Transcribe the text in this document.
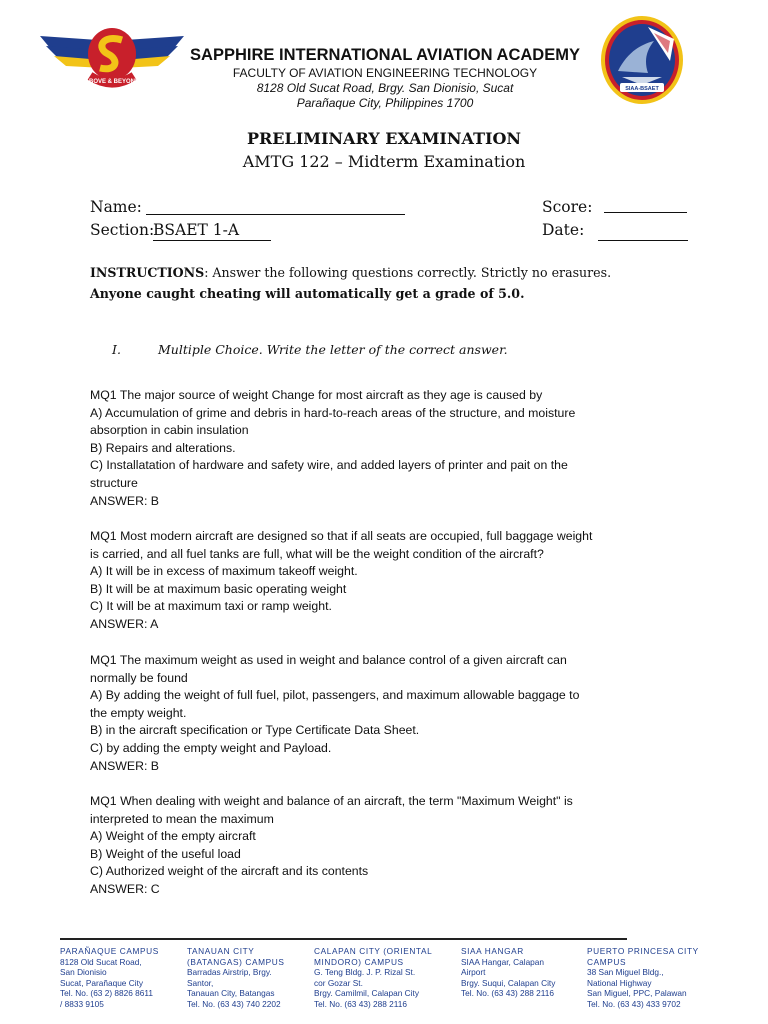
ABOVE & BEYOND
SIAA-BSAET
SAPPHIRE INTERNATIONAL AVIATION ACADEMY
FACULTY OF AVIATION ENGINEERING TECHNOLOGY
8128 Old Sucat Road, Brgy. San Dionisio, Sucat
Parañaque City, Philippines 1700
PRELIMINARY EXAMINATION
AMTG 122 – Midterm Examination
Name:
Section:
BSAET 1-A
Score:
Date:
INSTRUCTIONS: Answer the following questions correctly. Strictly no erasures.
Anyone caught cheating will automatically get a grade of 5.0.
I.	Multiple Choice. Write the letter of the correct answer.
MQ1 The major source of weight Change for most aircraft as they age is caused by
A) Accumulation of grime and debris in hard-to-reach areas of the structure, and moisture
absorption in cabin insulation
B) Repairs and alterations.
C) Installatation of hardware and safety wire, and added layers of printer and pait on the
structure
ANSWER: B
MQ1 Most modern aircraft are designed so that if all seats are occupied, full baggage weight
is carried, and all fuel tanks are full, what will be the weight condition of the aircraft?
A) It will be in excess of maximum takeoff weight.
B) It will be at maximum basic operating weight
C) It will be at maximum taxi or ramp weight.
ANSWER: A
MQ1 The maximum weight as used in weight and balance control of a given aircraft can
normally be found
A) By adding the weight of full fuel, pilot, passengers, and maximum allowable baggage to
the empty weight.
B) in the aircraft specification or Type Certificate Data Sheet.
C) by adding the empty weight and Payload.
ANSWER: B
MQ1 When dealing with weight and balance of an aircraft, the term "Maximum Weight" is
interpreted to mean the maximum
A) Weight of the empty aircraft
B) Weight of the useful load
C) Authorized weight of the aircraft and its contents
ANSWER: C
PARAÑAQUE CAMPUS
8128 Old Sucat Road,
San Dionisio
Sucat, Parañaque City
Tel. No. (63 2) 8826 8611
/ 8833 9105
TANAUAN CITY
(BATANGAS) CAMPUS
Barradas Airstrip, Brgy.
Santor,
Tanauan City, Batangas
Tel. No. (63 43) 740 2202
CALAPAN CITY (ORIENTAL
MINDORO) CAMPUS
G. Teng Bldg. J. P. Rizal St.
cor Gozar St.
Brgy. Camilmil, Calapan City
Tel. No. (63 43) 288 2116
SIAA HANGAR
SIAA Hangar, Calapan
Airport
Brgy. Suqui, Calapan City
Tel. No. (63 43) 288 2116
PUERTO PRINCESA CITY
CAMPUS
38 San Miguel Bldg.,
National Highway
San Miguel, PPC, Palawan
Tel. No. (63 43) 433 9702
